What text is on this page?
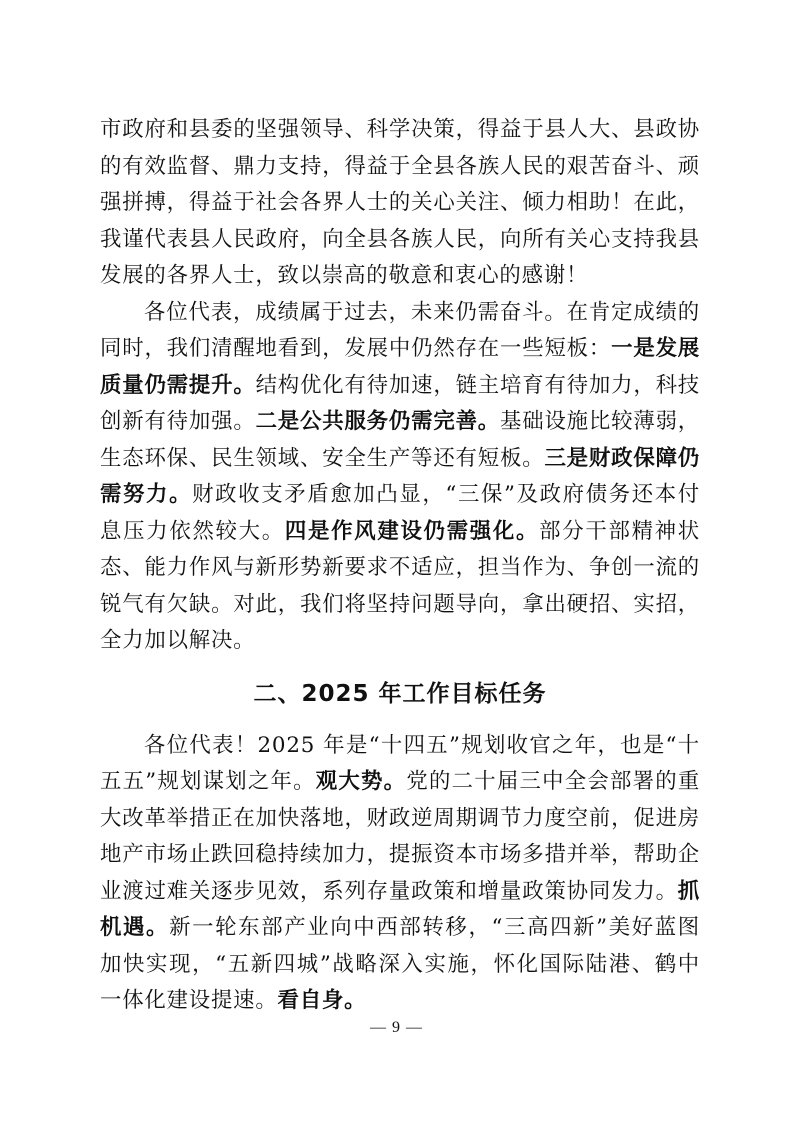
市政府和县委的坚强领导、科学决策，得益于县人大、县政协的有效监督、鼎力支持，得益于全县各族人民的艰苦奋斗、顽强拼搏，得益于社会各界人士的关心关注、倾力相助！在此，我谨代表县人民政府，向全县各族人民，向所有关心支持我县发展的各界人士，致以崇高的敬意和衷心的感谢！

各位代表，成绩属于过去，未来仍需奋斗。在肯定成绩的同时，我们清醒地看到，发展中仍然存在一些短板：一是发展质量仍需提升。结构优化有待加速，链主培育有待加力，科技创新有待加强。二是公共服务仍需完善。基础设施比较薄弱，生态环保、民生领域、安全生产等还有短板。三是财政保障仍需努力。财政收支矛盾愈加凸显，“三保”及政府债务还本付息压力依然较大。四是作风建设仍需强化。部分干部精神状态、能力作风与新形势新要求不适应，担当作为、争创一流的锐气有欠缺。对此，我们将坚持问题导向，拿出硬招、实招，全力加以解决。

二、2025 年工作目标任务

各位代表！2025 年是“十四五”规划收官之年，也是“十五五”规划谋划之年。观大势。党的二十届三中全会部署的重大改革举措正在加快落地，财政逆周期调节力度空前，促进房地产市场止跌回稳持续加力，提振资本市场多措并举，帮助企业渡过难关逐步见效，系列存量政策和增量政策协同发力。抓机遇。新一轮东部产业向中西部转移，“三高四新”美好蓝图加快实现，“五新四城”战略深入实施，怀化国际陆港、鹤中一体化建设提速。看自身。

— 9 —
